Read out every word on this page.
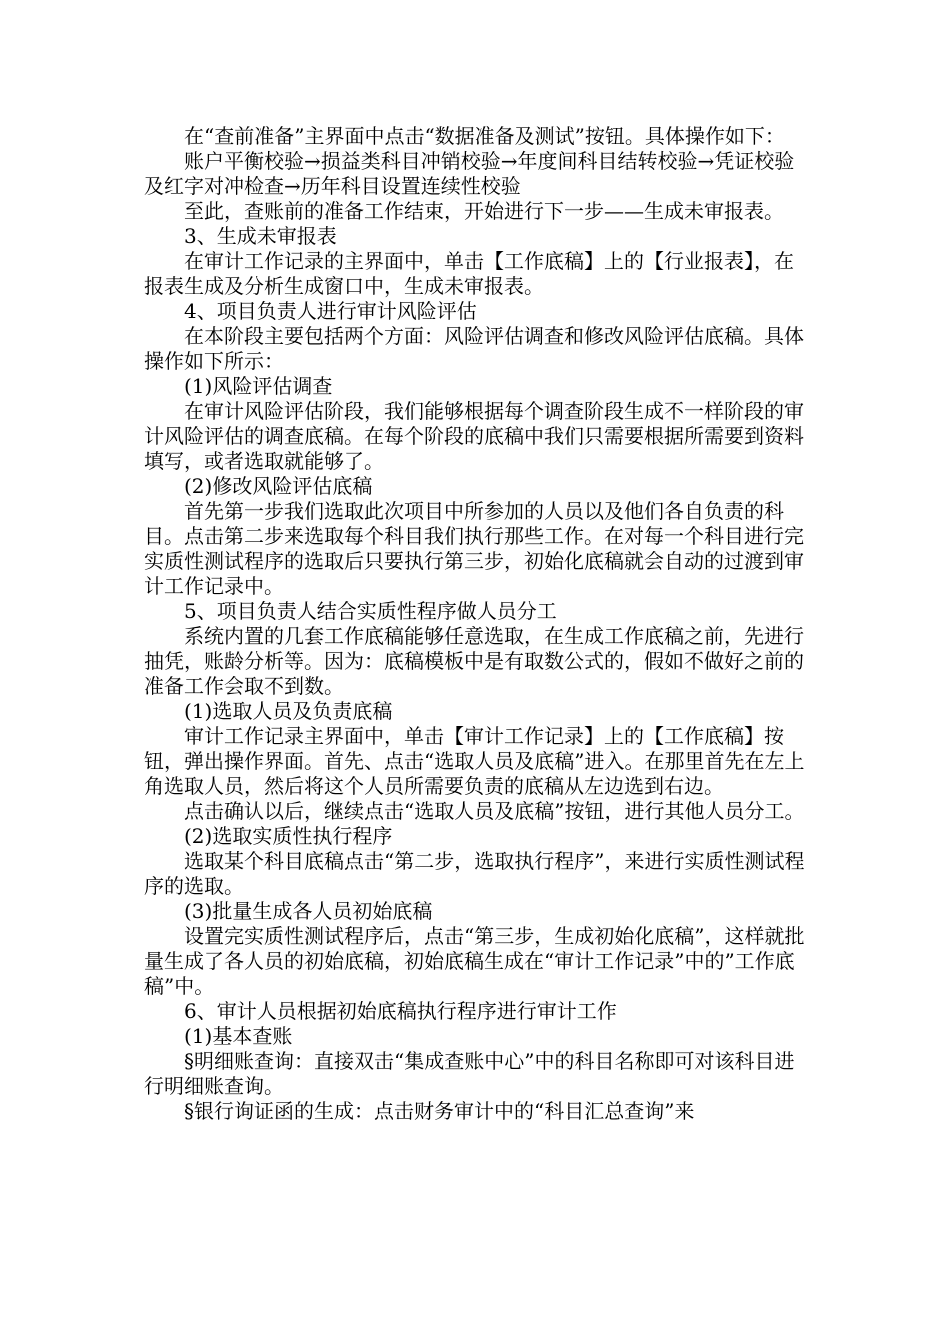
在“查前准备”主界面中点击“数据准备及测试”按钮。具体操作如下：

账户平衡校验→损益类科目冲销校验→年度间科目结转校验→凭证校验及红字对冲检查→历年科目设置连续性校验

至此，查账前的准备工作结束，开始进行下一步——生成未审报表。

3、生成未审报表

在审计工作记录的主界面中，单击【工作底稿】上的【行业报表】，在报表生成及分析生成窗口中，生成未审报表。

4、项目负责人进行审计风险评估

在本阶段主要包括两个方面：风险评估调查和修改风险评估底稿。具体操作如下所示：

(1)风险评估调查

在审计风险评估阶段，我们能够根据每个调查阶段生成不一样阶段的审计风险评估的调查底稿。在每个阶段的底稿中我们只需要根据所需要到资料填写，或者选取就能够了。

(2)修改风险评估底稿

首先第一步我们选取此次项目中所参加的人员以及他们各自负责的科目。点击第二步来选取每个科目我们执行那些工作。在对每一个科目进行完实质性测试程序的选取后只要执行第三步，初始化底稿就会自动的过渡到审计工作记录中。

5、项目负责人结合实质性程序做人员分工

系统内置的几套工作底稿能够任意选取，在生成工作底稿之前，先进行抽凭，账龄分析等。因为：底稿模板中是有取数公式的，假如不做好之前的准备工作会取不到数。

(1)选取人员及负责底稿

审计工作记录主界面中，单击【审计工作记录】上的【工作底稿】按钮，弹出操作界面。首先、点击“选取人员及底稿”进入。在那里首先在左上角选取人员，然后将这个人员所需要负责的底稿从左边选到右边。

点击确认以后，继续点击“选取人员及底稿”按钮，进行其他人员分工。

(2)选取实质性执行程序

选取某个科目底稿点击“第二步，选取执行程序”，来进行实质性测试程序的选取。

(3)批量生成各人员初始底稿

设置完实质性测试程序后，点击“第三步，生成初始化底稿”，这样就批量生成了各人员的初始底稿，初始底稿生成在“审计工作记录”中的”工作底稿”中。

6、审计人员根据初始底稿执行程序进行审计工作

(1)基本查账

§明细账查询：直接双击“集成查账中心”中的科目名称即可对该科目进行明细账查询。

§银行询证函的生成：点击财务审计中的“科目汇总查询”来
